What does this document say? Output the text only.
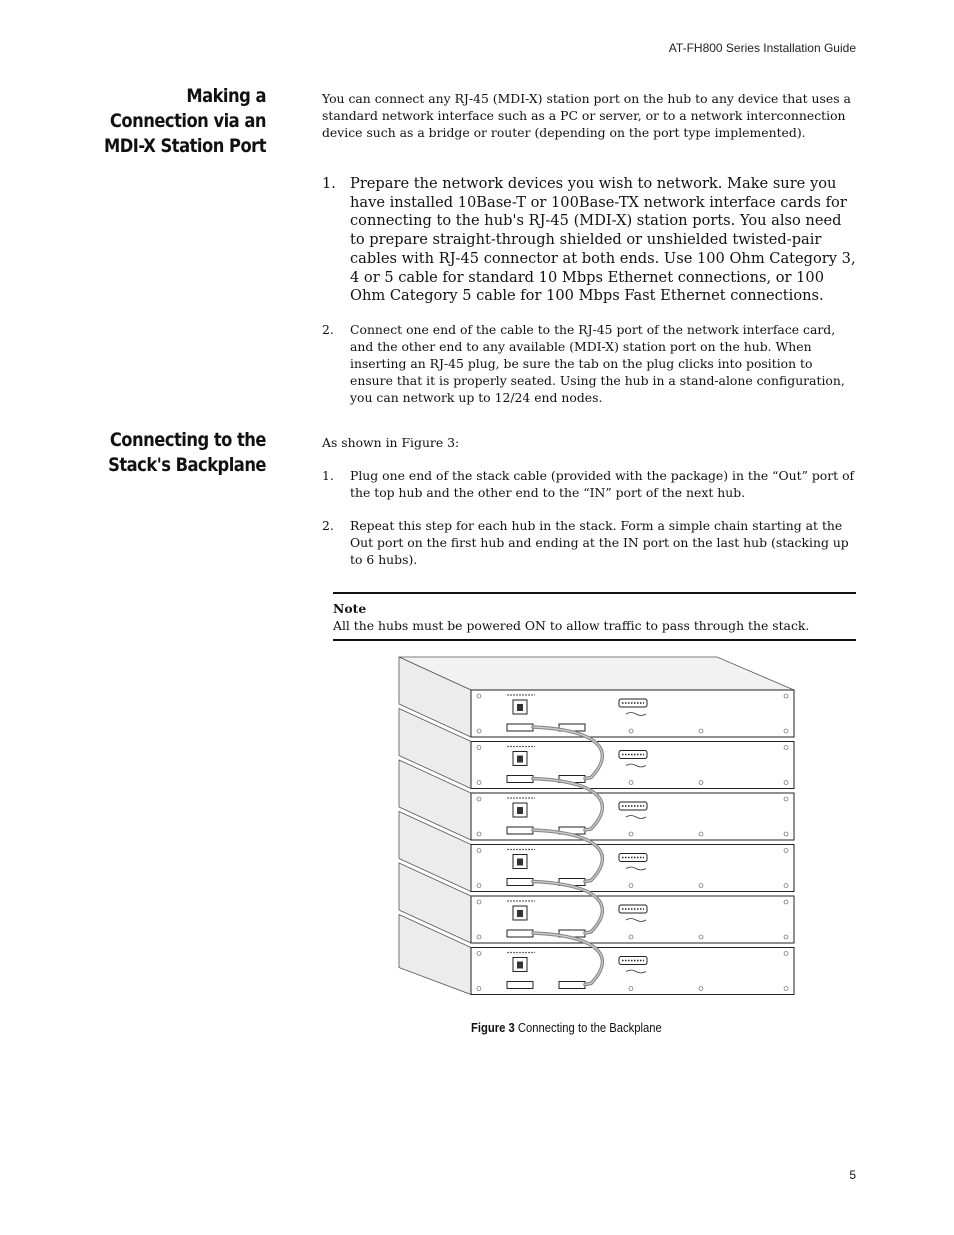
AT-FH800 Series Installation Guide
Making a
Connection via an
MDI-X Station Port
You can connect any RJ-45 (MDI-X) station port on the hub to any device that uses a standard network interface such as a PC or server, or to a network interconnection device such as a bridge or router (depending on the port type implemented).
1. Prepare the network devices you wish to network. Make sure you have installed 10Base-T or 100Base-TX network interface cards for connecting to the hub's RJ-45 (MDI-X) station ports. You also need to prepare straight-through shielded or unshielded twisted-pair cables with RJ-45 connector at both ends. Use 100 Ohm Category 3, 4 or 5 cable for standard 10 Mbps Ethernet connections, or 100 Ohm Category 5 cable for 100 Mbps Fast Ethernet connections.
2. Connect one end of the cable to the RJ-45 port of the network interface card, and the other end to any available (MDI-X) station port on the hub. When inserting an RJ-45 plug, be sure the tab on the plug clicks into position to ensure that it is properly seated. Using the hub in a stand-alone configuration, you can network up to 12/24 end nodes.
Connecting to the
Stack's Backplane
As shown in Figure 3:
1. Plug one end of the stack cable (provided with the package) in the “Out” port of the top hub and the other end to the “IN” port of the next hub.
2. Repeat this step for each hub in the stack. Form a simple chain starting at the Out port on the first hub and ending at the IN port on the last hub (stacking up to 6 hubs).
Note
All the hubs must be powered ON to allow traffic to pass through the stack.
Figure 3 Connecting to the Backplane
5
